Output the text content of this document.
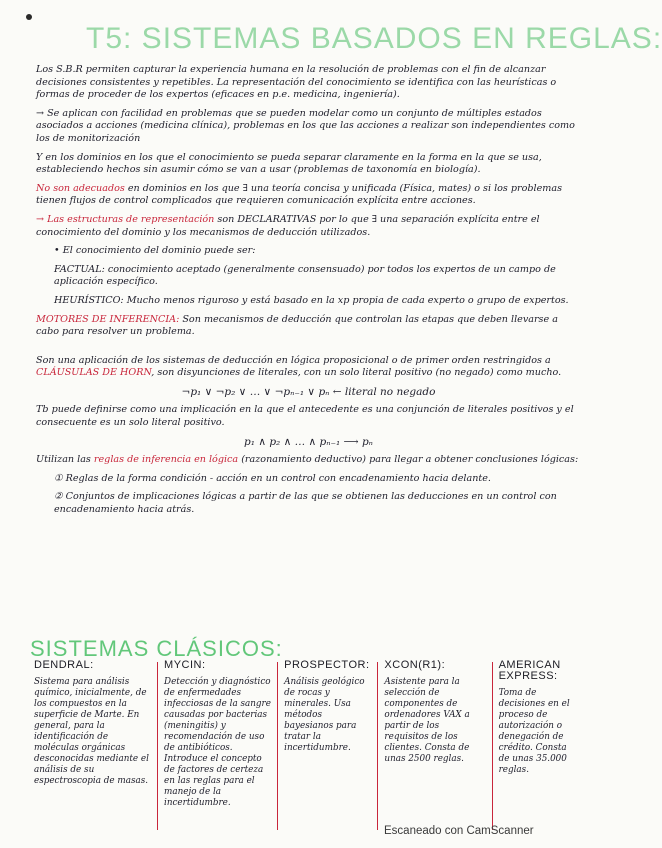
T5: SISTEMAS BASADOS EN REGLAS:

Los S.B.R permiten capturar la experiencia humana en la resolución de problemas con el fin de alcanzar decisiones consistentes y repetibles. La representación del conocimiento se identifica con las heurísticas o formas de proceder de los expertos (eficaces en p.e. medicina, ingeniería).

→ Se aplican con facilidad en problemas que se pueden modelar como un conjunto de múltiples estados asociados a acciones (medicina clínica), problemas en los que las acciones a realizar son independientes como los de monitorización

Y en los dominios en los que el conocimiento se pueda separar claramente en la forma en la que se usa, estableciendo hechos sin asumir cómo se van a usar (problemas de taxonomía en biología).

No son adecuados en dominios en los que ∃ una teoría concisa y unificada (Física, mates) o si los problemas tienen flujos de control complicados que requieren comunicación explícita entre acciones.

→ Las estructuras de representación son DECLARATIVAS por lo que ∃ una separación explícita entre el conocimiento del dominio y los mecanismos de deducción utilizados.

• El conocimiento del dominio puede ser:

FACTUAL: conocimiento aceptado (generalmente consensuado) por todos los expertos de un campo de aplicación específico.

HEURÍSTICO: Mucho menos riguroso y está basado en la xp propia de cada experto o grupo de expertos.

MOTORES DE INFERENCIA: Son mecanismos de deducción que controlan las etapas que deben llevarse a cabo para resolver un problema.

Son una aplicación de los sistemas de deducción en lógica proposicional o de primer orden restringidos a CLÁUSULAS DE HORN, son disyunciones de literales, con un solo literal positivo (no negado) como mucho.

¬p₁ ∨ ¬p₂ ∨ … ∨ ¬pₙ₋₁ ∨ pₙ ← literal no negado

Tb puede definirse como una implicación en la que el antecedente es una conjunción de literales positivos y el consecuente es un solo literal positivo.

p₁ ∧ p₂ ∧ … ∧ pₙ₋₁ ⟶ pₙ

Utilizan las reglas de inferencia en lógica (razonamiento deductivo) para llegar a obtener conclusiones lógicas:

① Reglas de la forma condición - acción en un control con encadenamiento hacia delante.

② Conjuntos de implicaciones lógicas a partir de las que se obtienen las deducciones en un control con encadenamiento hacia atrás.

SISTEMAS CLÁSICOS:
DENDRAL:
Sistema para análisis químico, inicialmente, de los compuestos en la superficie de Marte. En general, para la identificación de moléculas orgánicas desconocidas mediante el análisis de su espectroscopia de masas.
MYCIN:
Detección y diagnóstico de enfermedades infecciosas de la sangre causadas por bacterias (meningitis) y recomendación de uso de antibióticos. Introduce el concepto de factores de certeza en las reglas para el manejo de la incertidumbre.
PROSPECTOR:
Análisis geológico de rocas y minerales. Usa métodos bayesianos para tratar la incertidumbre.
XCON(R1):
Asistente para la selección de componentes de ordenadores VAX a partir de los requisitos de los clientes. Consta de unas 2500 reglas.
AMERICAN EXPRESS:
Toma de decisiones en el proceso de autorización o denegación de crédito. Consta de unas 35.000 reglas.
Escaneado con CamScanner
